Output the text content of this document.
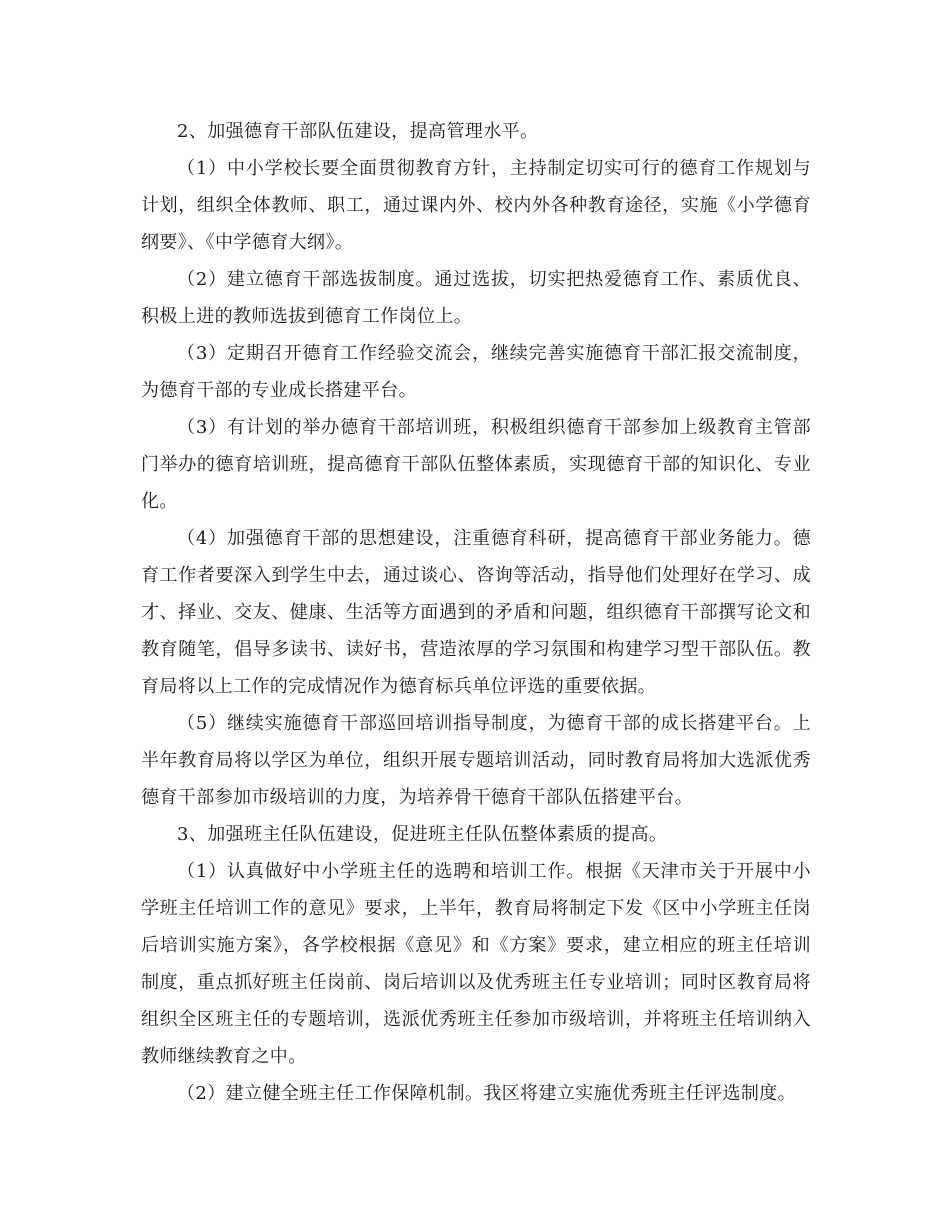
2、加强德育干部队伍建设，提高管理水平。

（1）中小学校长要全面贯彻教育方针，主持制定切实可行的德育工作规划与计划，组织全体教师、职工，通过课内外、校内外各种教育途径，实施《小学德育纲要》、《中学德育大纲》。

（2）建立德育干部选拔制度。通过选拔，切实把热爱德育工作、素质优良、积极上进的教师选拔到德育工作岗位上。

（3）定期召开德育工作经验交流会，继续完善实施德育干部汇报交流制度，为德育干部的专业成长搭建平台。

（3）有计划的举办德育干部培训班，积极组织德育干部参加上级教育主管部门举办的德育培训班，提高德育干部队伍整体素质，实现德育干部的知识化、专业化。

（4）加强德育干部的思想建设，注重德育科研，提高德育干部业务能力。德育工作者要深入到学生中去，通过谈心、咨询等活动，指导他们处理好在学习、成才、择业、交友、健康、生活等方面遇到的矛盾和问题，组织德育干部撰写论文和教育随笔，倡导多读书、读好书，营造浓厚的学习氛围和构建学习型干部队伍。教育局将以上工作的完成情况作为德育标兵单位评选的重要依据。

（5）继续实施德育干部巡回培训指导制度，为德育干部的成长搭建平台。上半年教育局将以学区为单位，组织开展专题培训活动，同时教育局将加大选派优秀德育干部参加市级培训的力度，为培养骨干德育干部队伍搭建平台。

3、加强班主任队伍建设，促进班主任队伍整体素质的提高。

（1）认真做好中小学班主任的选聘和培训工作。根据《天津市关于开展中小学班主任培训工作的意见》要求，上半年，教育局将制定下发《区中小学班主任岗后培训实施方案》，各学校根据《意见》和《方案》要求，建立相应的班主任培训制度，重点抓好班主任岗前、岗后培训以及优秀班主任专业培训；同时区教育局将组织全区班主任的专题培训，选派优秀班主任参加市级培训，并将班主任培训纳入教师继续教育之中。

（2）建立健全班主任工作保障机制。我区将建立实施优秀班主任评选制度。
